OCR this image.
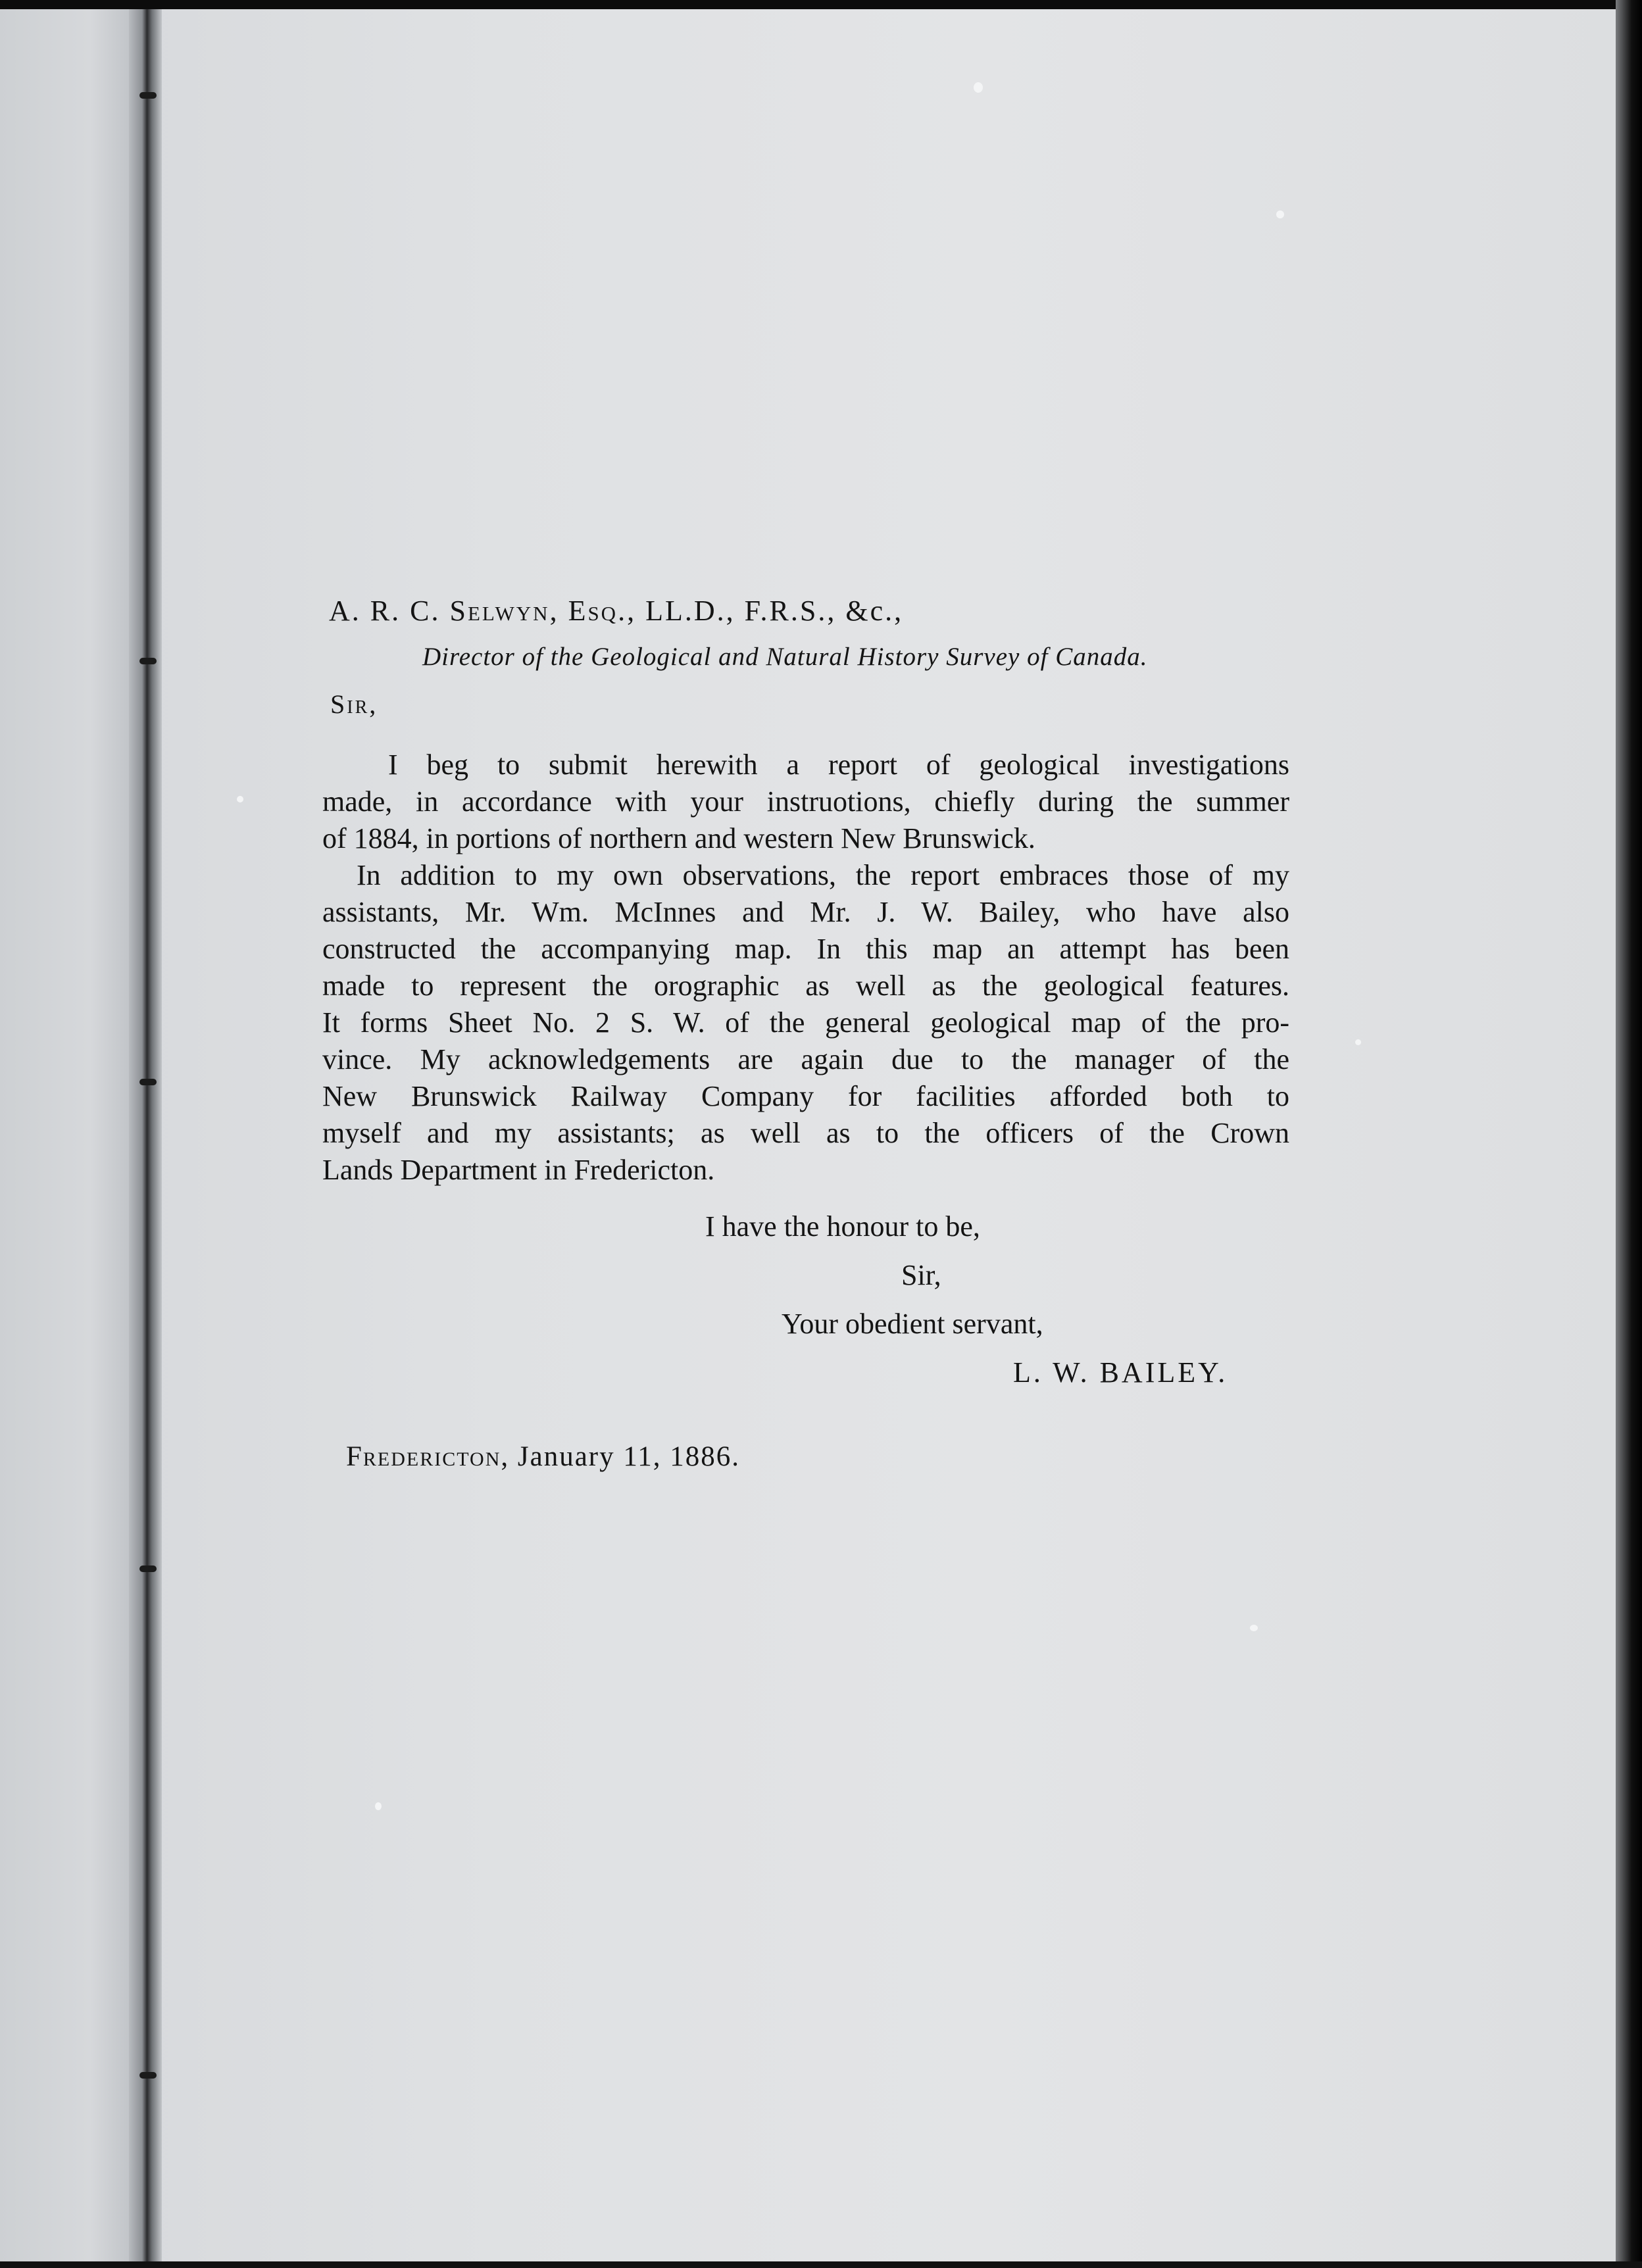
A. R. C. Selwyn, Esq., LL.D., F.R.S., &c.,

Director of the Geological and Natural History Survey of Canada.

Sir,

I beg to submit herewith a report of geological investigations
made, in accordance with your instruotions, chiefly during the summer
of 1884, in portions of northern and western New Brunswick.
In addition to my own observations, the report embraces those of my
assistants, Mr. Wm. McInnes and Mr. J. W. Bailey, who have also
constructed the accompanying map. In this map an attempt has been
made to represent the orographic as well as the geological features.
It forms Sheet No. 2 S. W. of the general geological map of the pro-
vince. My acknowledgements are again due to the manager of the
New Brunswick Railway Company for facilities afforded both to
myself and my assistants; as well as to the officers of the Crown
Lands Department in Fredericton.
I have the honour to be,
Sir,
Your obedient servant,
L. W. BAILEY.
Fredericton, January 11, 1886.
